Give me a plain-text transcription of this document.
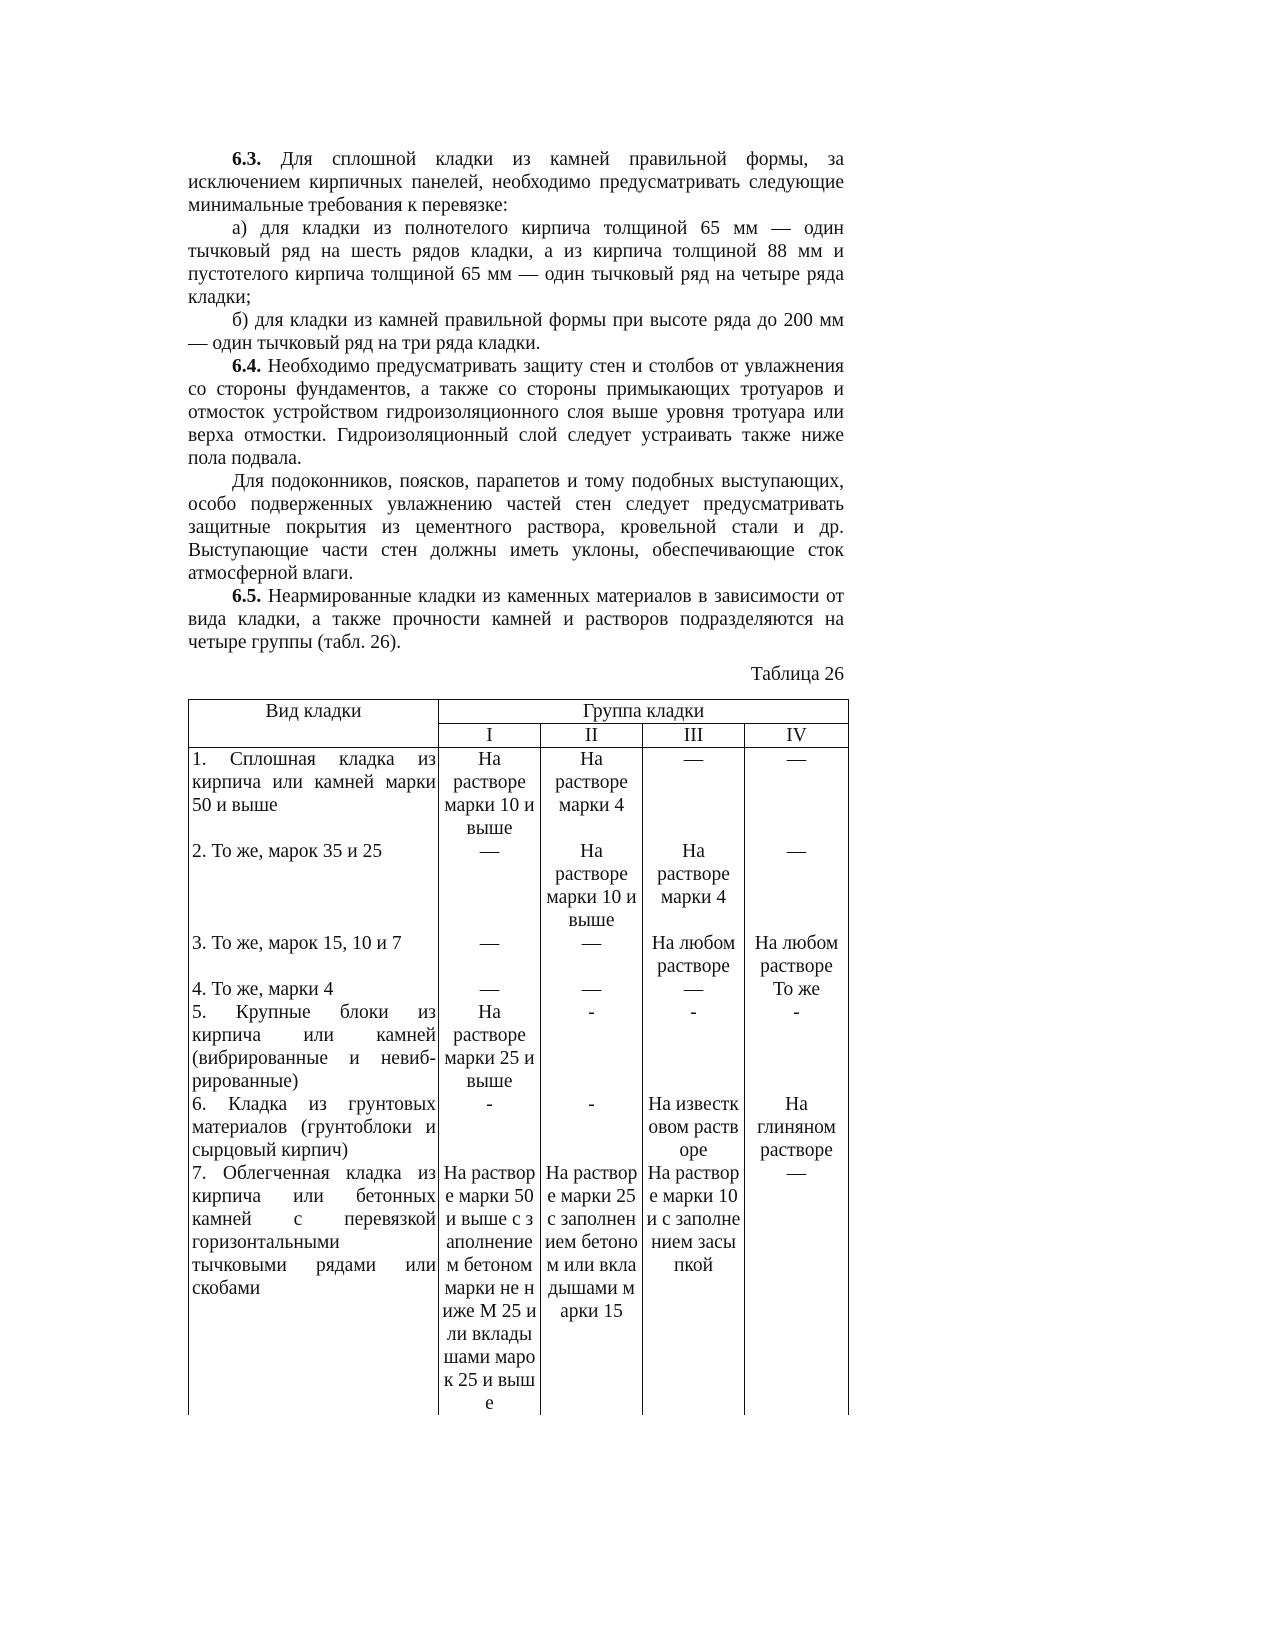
6.3. Для сплошной кладки из камней правильной формы, за исключением кирпичных панелей, необходимо предусматривать следующие минимальные требования к перевязке:

а) для кладки из полнотелого кирпича толщиной 65 мм — один тычковый ряд на шесть рядов кладки, а из кирпича толщиной 88 мм и пустотелого кирпича толщиной 65 мм — один тычковый ряд на четыре ряда кладки;

б) для кладки из камней правильной формы при высоте ряда до 200 мм — один тычковый ряд на три ряда кладки.

6.4. Необходимо предусматривать защиту стен и столбов от увлажнения со стороны фундаментов, а также со стороны примыкающих тротуаров и отмосток устройством гидроизоляционного слоя выше уровня тротуара или верха отмостки. Гидроизоляционный слой следует устраивать также ниже пола подвала.

Для подоконников, поясков, парапетов и тому подобных выступающих, особо подверженных увлажнению частей стен следует предусматривать защитные покрытия из цементного раствора, кровельной стали и др. Выступающие части стен должны иметь уклоны, обеспечивающие сток атмосферной влаги.

6.5. Неармированные кладки из каменных материалов в зависимости от вида кладки, а также прочности камней и растворов подразделяются на четыре группы (табл. 26).

Таблица 26
Вид кладки	Группа кладки			
	I	II	III	IV
1. Сплошная кладка из кирпича или камней марки 50 и выше	На растворе марки 10 и выше	На растворе марки 4	—	—
2. То же, марок 35 и 25	—	На растворе марки 10 и выше	На растворе марки 4	—
3. То же, марок 15, 10 и 7	—	—	На любом растворе	На любом растворе
4. То же, марки 4	—	—	—	То же
5. Крупные блоки из кирпича или камней (вибрированные и невиб-рированные)	На растворе марки 25 и выше	-	-	-
6. Кладка из грунтовых материалов (грунтоблоки и сырцовый кирпич)	-	-	На известковом растворе	На глиняном растворе
7. Облегченная кладка из кирпича или бетонных камней с перевязкой горизонтальными тычковыми рядами или скобами	На растворе марки 50 и выше с заполнением бетоном марки не ниже М 25 или вкладышами марок 25 и выше	На растворе марки 25 с заполнением бетоном или вкладышами марки 15	На растворе марки 10 и с заполнением засыпкой	—
